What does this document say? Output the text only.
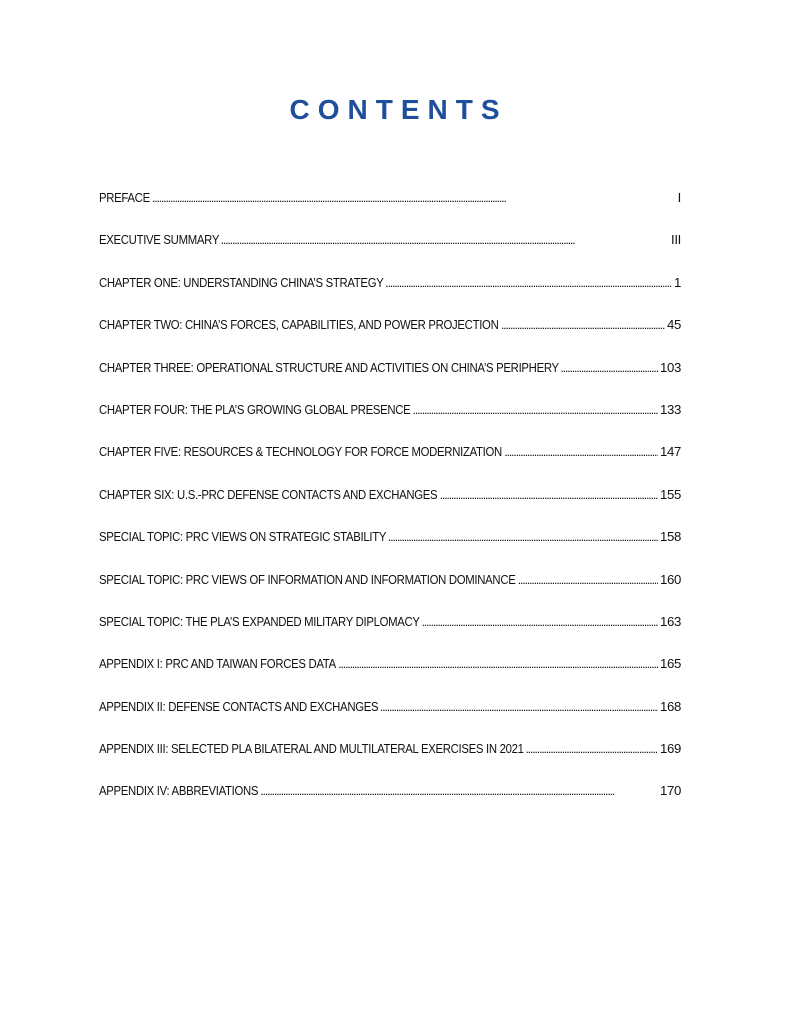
CONTENTS
PREFACE . . .	I
EXECUTIVE SUMMARY . . .	III
CHAPTER ONE: UNDERSTANDING CHINA’S STRATEGY . . .	1
CHAPTER TWO: CHINA’S FORCES, CAPABILITIES, AND POWER PROJECTION . . .	45
CHAPTER THREE: OPERATIONAL STRUCTURE AND ACTIVITIES ON CHINA’S PERIPHERY . . .	103
CHAPTER FOUR: THE PLA’S GROWING GLOBAL PRESENCE . . .	133
CHAPTER FIVE: RESOURCES & TECHNOLOGY FOR FORCE MODERNIZATION . . .	147
CHAPTER SIX: U.S.-PRC DEFENSE CONTACTS AND EXCHANGES . . .	155
SPECIAL TOPIC: PRC VIEWS ON STRATEGIC STABILITY . . .	158
SPECIAL TOPIC: PRC VIEWS OF INFORMATION AND INFORMATION DOMINANCE . . .	160
SPECIAL TOPIC: THE PLA’S EXPANDED MILITARY DIPLOMACY . . .	163
APPENDIX I: PRC AND TAIWAN FORCES DATA . . .	165
APPENDIX II: DEFENSE CONTACTS AND EXCHANGES . . .	168
APPENDIX III: SELECTED PLA BILATERAL AND MULTILATERAL EXERCISES IN 2021 . . .	169
APPENDIX IV: ABBREVIATIONS . . .	170
